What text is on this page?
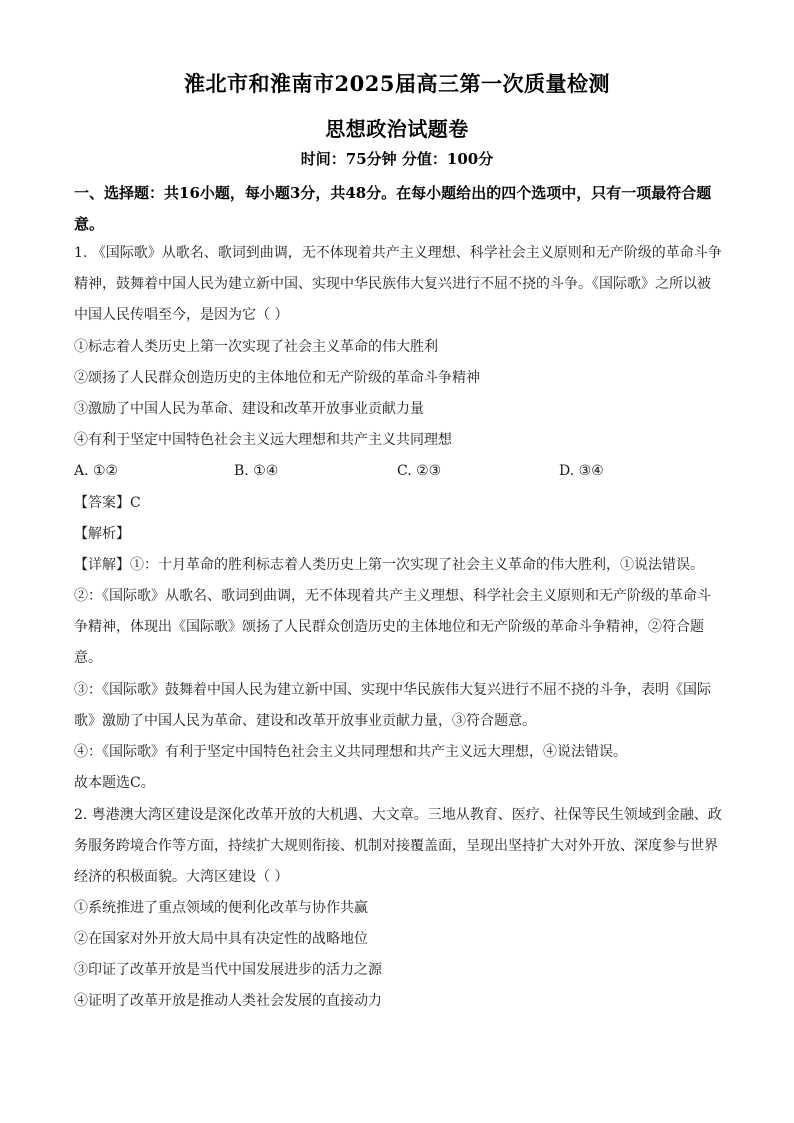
淮北市和淮南市2025届高三第一次质量检测
思想政治试题卷
时间：75分钟 分值：100分
一、选择题：共16小题，每小题3分，共48分。在每小题给出的四个选项中，只有一项最符合题意。
1. 《国际歌》从歌名、歌词到曲调，无不体现着共产主义理想、科学社会主义原则和无产阶级的革命斗争
精神，鼓舞着中国人民为建立新中国、实现中华民族伟大复兴进行不屈不挠的斗争。《国际歌》之所以被
中国人民传唱至今，是因为它（ ）
①标志着人类历史上第一次实现了社会主义革命的伟大胜利
②颂扬了人民群众创造历史的主体地位和无产阶级的革命斗争精神
③激励了中国人民为革命、建设和改革开放事业贡献力量
④有利于坚定中国特色社会主义远大理想和共产主义共同理想
A. ①②	B. ①④	C. ②③	D. ③④
【答案】C
【解析】
【详解】①：十月革命的胜利标志着人类历史上第一次实现了社会主义革命的伟大胜利，①说法错误。
②：《国际歌》从歌名、歌词到曲调，无不体现着共产主义理想、科学社会主义原则和无产阶级的革命斗
争精神，体现出《国际歌》颂扬了人民群众创造历史的主体地位和无产阶级的革命斗争精神，②符合题
意。
③：《国际歌》鼓舞着中国人民为建立新中国、实现中华民族伟大复兴进行不屈不挠的斗争，表明《国际
歌》激励了中国人民为革命、建设和改革开放事业贡献力量，③符合题意。
④：《国际歌》有利于坚定中国特色社会主义共同理想和共产主义远大理想，④说法错误。
故本题选C。
2. 粤港澳大湾区建设是深化改革开放的大机遇、大文章。三地从教育、医疗、社保等民生领域到金融、政
务服务跨境合作等方面，持续扩大规则衔接、机制对接覆盖面，呈现出坚持扩大对外开放、深度参与世界
经济的积极面貌。大湾区建设（ ）
①系统推进了重点领域的便利化改革与协作共赢
②在国家对外开放大局中具有决定性的战略地位
③印证了改革开放是当代中国发展进步的活力之源
④证明了改革开放是推动人类社会发展的直接动力
